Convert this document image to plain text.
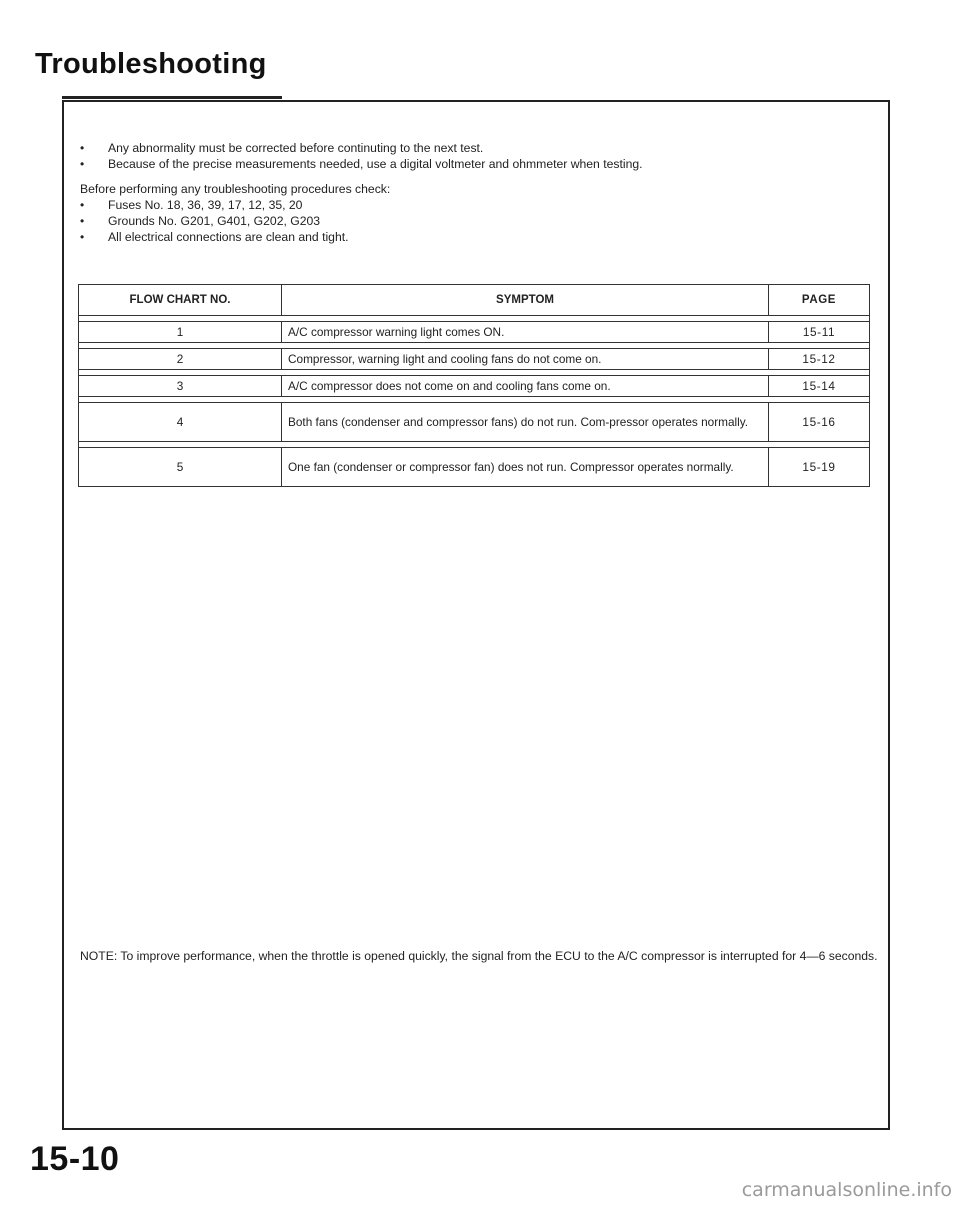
Troubleshooting
•	Any abnormality must be corrected before continuting to the next test.
•	Because of the precise measurements needed, use a digital voltmeter and ohmmeter when testing.
Before performing any troubleshooting procedures check:
•	Fuses No. 18, 36, 39, 17, 12, 35, 20
•	Grounds No. G201, G401, G202, G203
•	All electrical connections are clean and tight.
FLOW CHART NO.	SYMPTOM	PAGE

1	A/C compressor warning light comes ON.	15-11

2	Compressor, warning light and cooling fans do not come on.	15-12

3	A/C compressor does not come on and cooling fans come on.	15-14

4	Both fans (condenser and compressor fans) do not run. Com-pressor operates normally.	15-16

5	One fan (condenser or compressor fan) does not run. Compressor operates normally.	15-19
NOTE: To improve performance, when the throttle is opened quickly, the signal from the ECU to the A/C compressor is interrupted for 4—6 seconds.
15-10
carmanualsonline.info
